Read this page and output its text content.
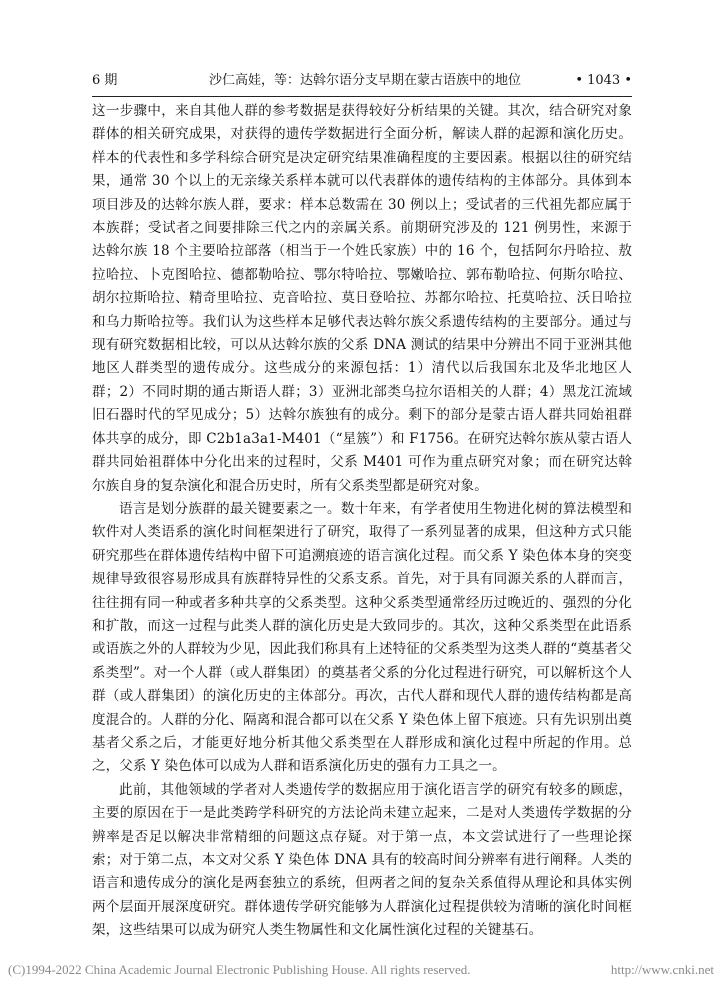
6 期	沙仁高娃，等：达斡尔语分支早期在蒙古语族中的地位	• 1043 •

这一步骤中，来自其他人群的参考数据是获得较好分析结果的关键。其次，结合研究对象群体的相关研究成果，对获得的遗传学数据进行全面分析，解读人群的起源和演化历史。样本的代表性和多学科综合研究是决定研究结果准确程度的主要因素。根据以往的研究结果，通常 30 个以上的无亲缘关系样本就可以代表群体的遗传结构的主体部分。具体到本项目涉及的达斡尔族人群，要求：样本总数需在 30 例以上；受试者的三代祖先都应属于本族群；受试者之间要排除三代之内的亲属关系。前期研究涉及的 121 例男性，来源于达斡尔族 18 个主要哈拉部落（相当于一个姓氏家族）中的 16 个，包括阿尔丹哈拉、敖拉哈拉、卜克图哈拉、德都勒哈拉、鄂尔特哈拉、鄂嫩哈拉、郭布勒哈拉、何斯尔哈拉、胡尔拉斯哈拉、精奇里哈拉、克音哈拉、莫日登哈拉、苏都尔哈拉、托莫哈拉、沃日哈拉和乌力斯哈拉等。我们认为这些样本足够代表达斡尔族父系遗传结构的主要部分。通过与现有研究数据相比较，可以从达斡尔族的父系 DNA 测试的结果中分辨出不同于亚洲其他地区人群类型的遗传成分。这些成分的来源包括：1）清代以后我国东北及华北地区人群；2）不同时期的通古斯语人群；3）亚洲北部类乌拉尔语相关的人群；4）黑龙江流域旧石器时代的罕见成分；5）达斡尔族独有的成分。剩下的部分是蒙古语人群共同始祖群体共享的成分，即 C2b1a3a1-M401（“星簇”）和 F1756。在研究达斡尔族从蒙古语人群共同始祖群体中分化出来的过程时，父系 M401 可作为重点研究对象；而在研究达斡尔族自身的复杂演化和混合历史时，所有父系类型都是研究对象。

语言是划分族群的最关键要素之一。数十年来，有学者使用生物进化树的算法模型和软件对人类语系的演化时间框架进行了研究，取得了一系列显著的成果，但这种方式只能研究那些在群体遗传结构中留下可追溯痕迹的语言演化过程。而父系 Y 染色体本身的突变规律导致很容易形成具有族群特异性的父系支系。首先，对于具有同源关系的人群而言，往往拥有同一种或者多种共享的父系类型。这种父系类型通常经历过晚近的、强烈的分化和扩散，而这一过程与此类人群的演化历史是大致同步的。其次，这种父系类型在此语系或语族之外的人群较为少见，因此我们称具有上述特征的父系类型为这类人群的“奠基者父系类型”。对一个人群（或人群集团）的奠基者父系的分化过程进行研究，可以解析这个人群（或人群集团）的演化历史的主体部分。再次，古代人群和现代人群的遗传结构都是高度混合的。人群的分化、隔离和混合都可以在父系 Y 染色体上留下痕迹。只有先识别出奠基者父系之后，才能更好地分析其他父系类型在人群形成和演化过程中所起的作用。总之，父系 Y 染色体可以成为人群和语系演化历史的强有力工具之一。

此前，其他领域的学者对人类遗传学的数据应用于演化语言学的研究有较多的顾虑，主要的原因在于一是此类跨学科研究的方法论尚未建立起来，二是对人类遗传学数据的分辨率是否足以解决非常精细的问题这点存疑。对于第一点，本文尝试进行了一些理论探索；对于第二点，本文对父系 Y 染色体 DNA 具有的较高时间分辨率有进行阐释。人类的语言和遗传成分的演化是两套独立的系统，但两者之间的复杂关系值得从理论和具体实例两个层面开展深度研究。群体遗传学研究能够为人群演化过程提供较为清晰的演化时间框架，这些结果可以成为研究人类生物属性和文化属性演化过程的关键基石。

(C)1994-2022 China Academic Journal Electronic Publishing House. All rights reserved.	http://www.cnki.net
